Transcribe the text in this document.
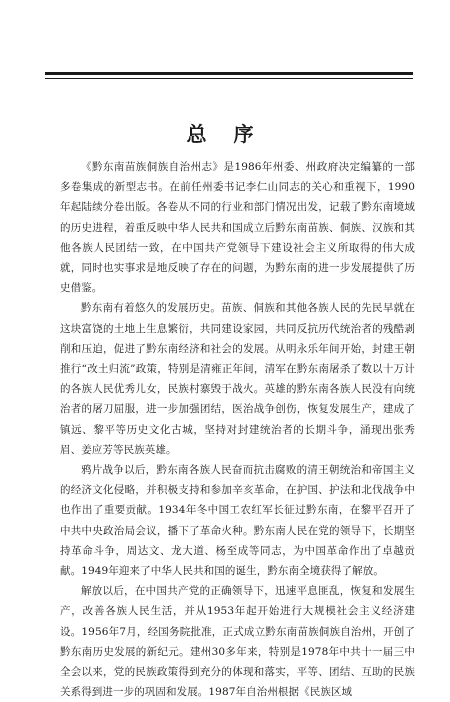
总 序

《黔东南苗族侗族自治州志》是1986年州委、州政府决定编纂的一部多卷集成的新型志书。在前任州委书记李仁山同志的关心和重视下，1990年起陆续分卷出版。各卷从不同的行业和部门情况出发，记载了黔东南境域的历史进程，着重反映中华人民共和国成立后黔东南苗族、侗族、汉族和其他各族人民团结一致，在中国共产党领导下建设社会主义所取得的伟大成就，同时也实事求是地反映了存在的问题，为黔东南的进一步发展提供了历史借鉴。

黔东南有着悠久的发展历史。苗族、侗族和其他各族人民的先民早就在这块富饶的土地上生息繁衍，共同建设家园，共同反抗历代统治者的残酷剥削和压迫，促进了黔东南经济和社会的发展。从明永乐年间开始，封建王朝推行“改土归流”政策，特别是清雍正年间，清军在黔东南屠杀了数以十万计的各族人民优秀儿女，民族村寨毁于战火。英雄的黔东南各族人民没有向统治者的屠刀屈服，进一步加强团结，医治战争创伤，恢复发展生产，建成了镇远、黎平等历史文化古城，坚持对封建统治者的长期斗争，涌现出张秀眉、姜应芳等民族英雄。

鸦片战争以后，黔东南各族人民奋而抗击腐败的清王朝统治和帝国主义的经济文化侵略，并积极支持和参加辛亥革命，在护国、护法和北伐战争中也作出了重要贡献。1934年冬中国工农红军长征过黔东南，在黎平召开了中共中央政治局会议，播下了革命火种。黔东南人民在党的领导下，长期坚持革命斗争，周达文、龙大道、杨至成等同志，为中国革命作出了卓越贡献。1949年迎来了中华人民共和国的诞生，黔东南全境获得了解放。

解放以后，在中国共产党的正确领导下，迅速平息匪乱，恢复和发展生产，改善各族人民生活，并从1953年起开始进行大规模社会主义经济建设。1956年7月，经国务院批准，正式成立黔东南苗族侗族自治州，开创了黔东南历史发展的新纪元。建州30多年来，特别是1978年中共十一届三中全会以来，党的民族政策得到充分的体现和落实，平等、团结、互助的民族关系得到进一步的巩固和发展。1987年自治州根据《民族区域
